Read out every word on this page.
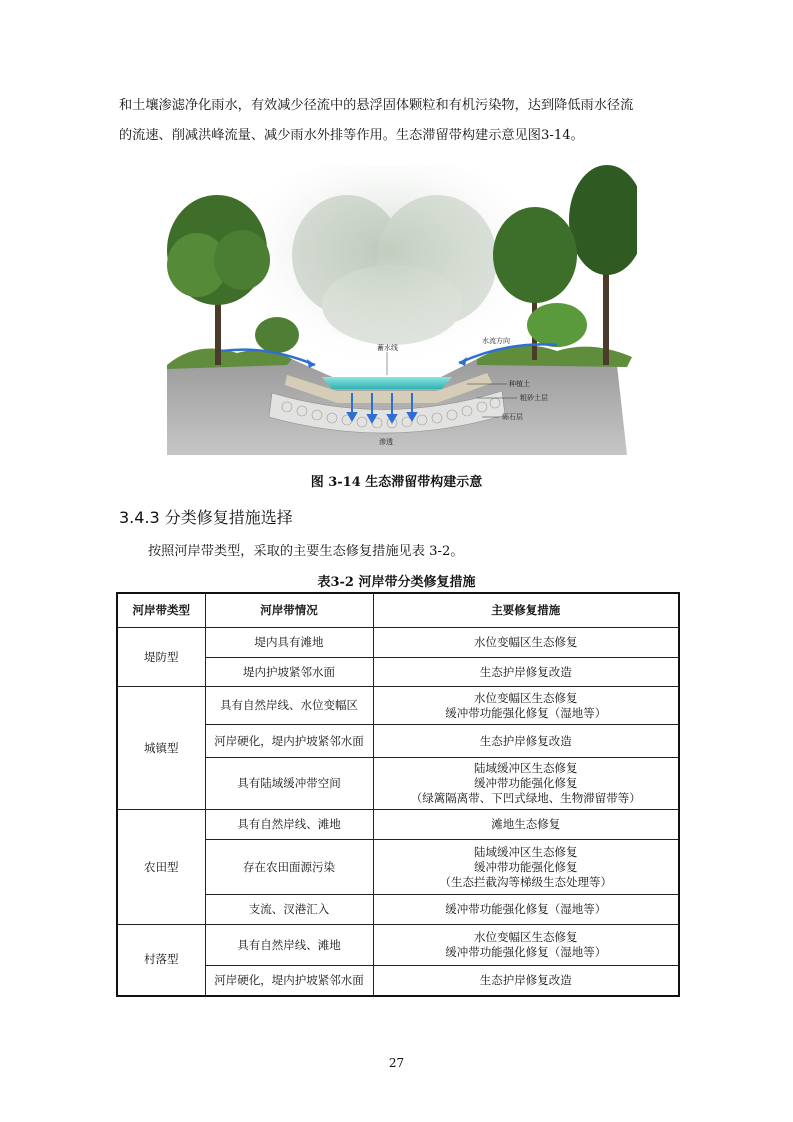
和土壤渗滤净化雨水，有效减少径流中的悬浮固体颗粒和有机污染物，达到降低雨水径流

的流速、削减洪峰流量、减少雨水外排等作用。生态滞留带构建示意见图3-14。

蓄水线
水流方向
种植土
粗砂土层
砾石层
渗透
图 3-14 生态滞留带构建示意
3.4.3 分类修复措施选择
按照河岸带类型，采取的主要生态修复措施见表 3-2。
表3-2 河岸带分类修复措施
河岸带类型	河岸带情况	主要修复措施
堤防型	堤内具有滩地	水位变幅区生态修复
	堤内护坡紧邻水面	生态护岸修复改造
城镇型	具有自然岸线、水位变幅区	水位变幅区生态修复
缓冲带功能强化修复（湿地等）

	河岸硬化，堤内护坡紧邻水面	生态护岸修复改造
	具有陆域缓冲带空间	陆域缓冲区生态修复
缓冲带功能强化修复
（绿篱隔离带、下凹式绿地、生物滞留带等）

农田型	具有自然岸线、滩地	滩地生态修复
	存在农田面源污染	陆域缓冲区生态修复
缓冲带功能强化修复
（生态拦截沟等梯级生态处理等）

	支流、汊港汇入	缓冲带功能强化修复（湿地等）
村落型	具有自然岸线、滩地	水位变幅区生态修复
缓冲带功能强化修复（湿地等）

	河岸硬化，堤内护坡紧邻水面	生态护岸修复改造
27
